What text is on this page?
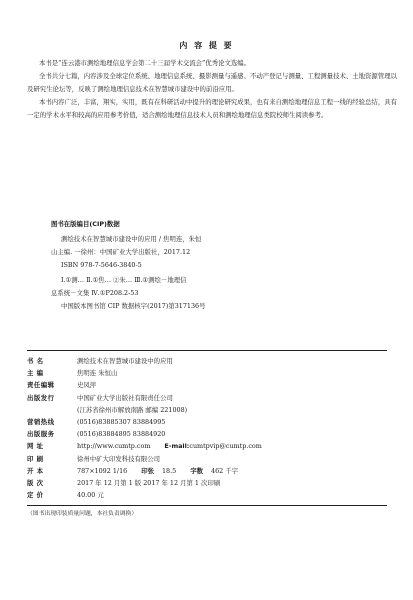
内 容 提 要

本书是“连云港市测绘地理信息学会第二十三届学术交流会”优秀论文选编。

全书共分七篇，内容涉及全球定位系统、地理信息系统、摄影测量与遥感、不动产登记与测量、工程测量技术、土地资源管理以及研究生论坛等，反映了测绘地理信息技术在智慧城市建设中的前沿应用。

本书内容广泛，丰富，翔实，实用，既有在科研活动中提升的理论研究成果，也有来自测绘地理信息工程一线的经验总结，具有一定的学术水平和较高的应用参考价值，适合测绘地理信息技术人员和测绘地理信息类院校师生阅读参考。

图书在版编目(CIP)数据
测绘技术在智慧城市建设中的应用 / 焦明连，朱恒
山主编. 一徐州：中国矿业大学出版社，2017.12
ISBN 978-7-5646-3840-5
Ⅰ.①测… Ⅱ.①焦… ②朱… Ⅲ.①测绘－地理信
息系统－文集 Ⅳ.①P208.2-53
中国版本图书馆 CIP 数据核字(2017)第317136号
书 名	测绘技术在智慧城市建设中的应用
主 编	焦明连 朱恒山
责任编辑	史凤萍
出版发行	中国矿业大学出版社有限责任公司
(江苏省徐州市解放南路 邮编 221008)
营销热线	(0516)83885307 83884995
出版服务	(0516)83884895 83884920
网 址	http://www.cumtp.com E-mail: cumtpvip@cumtp.com
印 刷	徐州中矿大印发科技有限公司
开 本	787×1092 1/16 印张 18.5 字数 462 千字
版 次	2017 年 12 月第 1 版 2017 年 12 月第 1 次印刷
定 价	40.00 元
（图书出现印装质量问题，本社负责调换）
